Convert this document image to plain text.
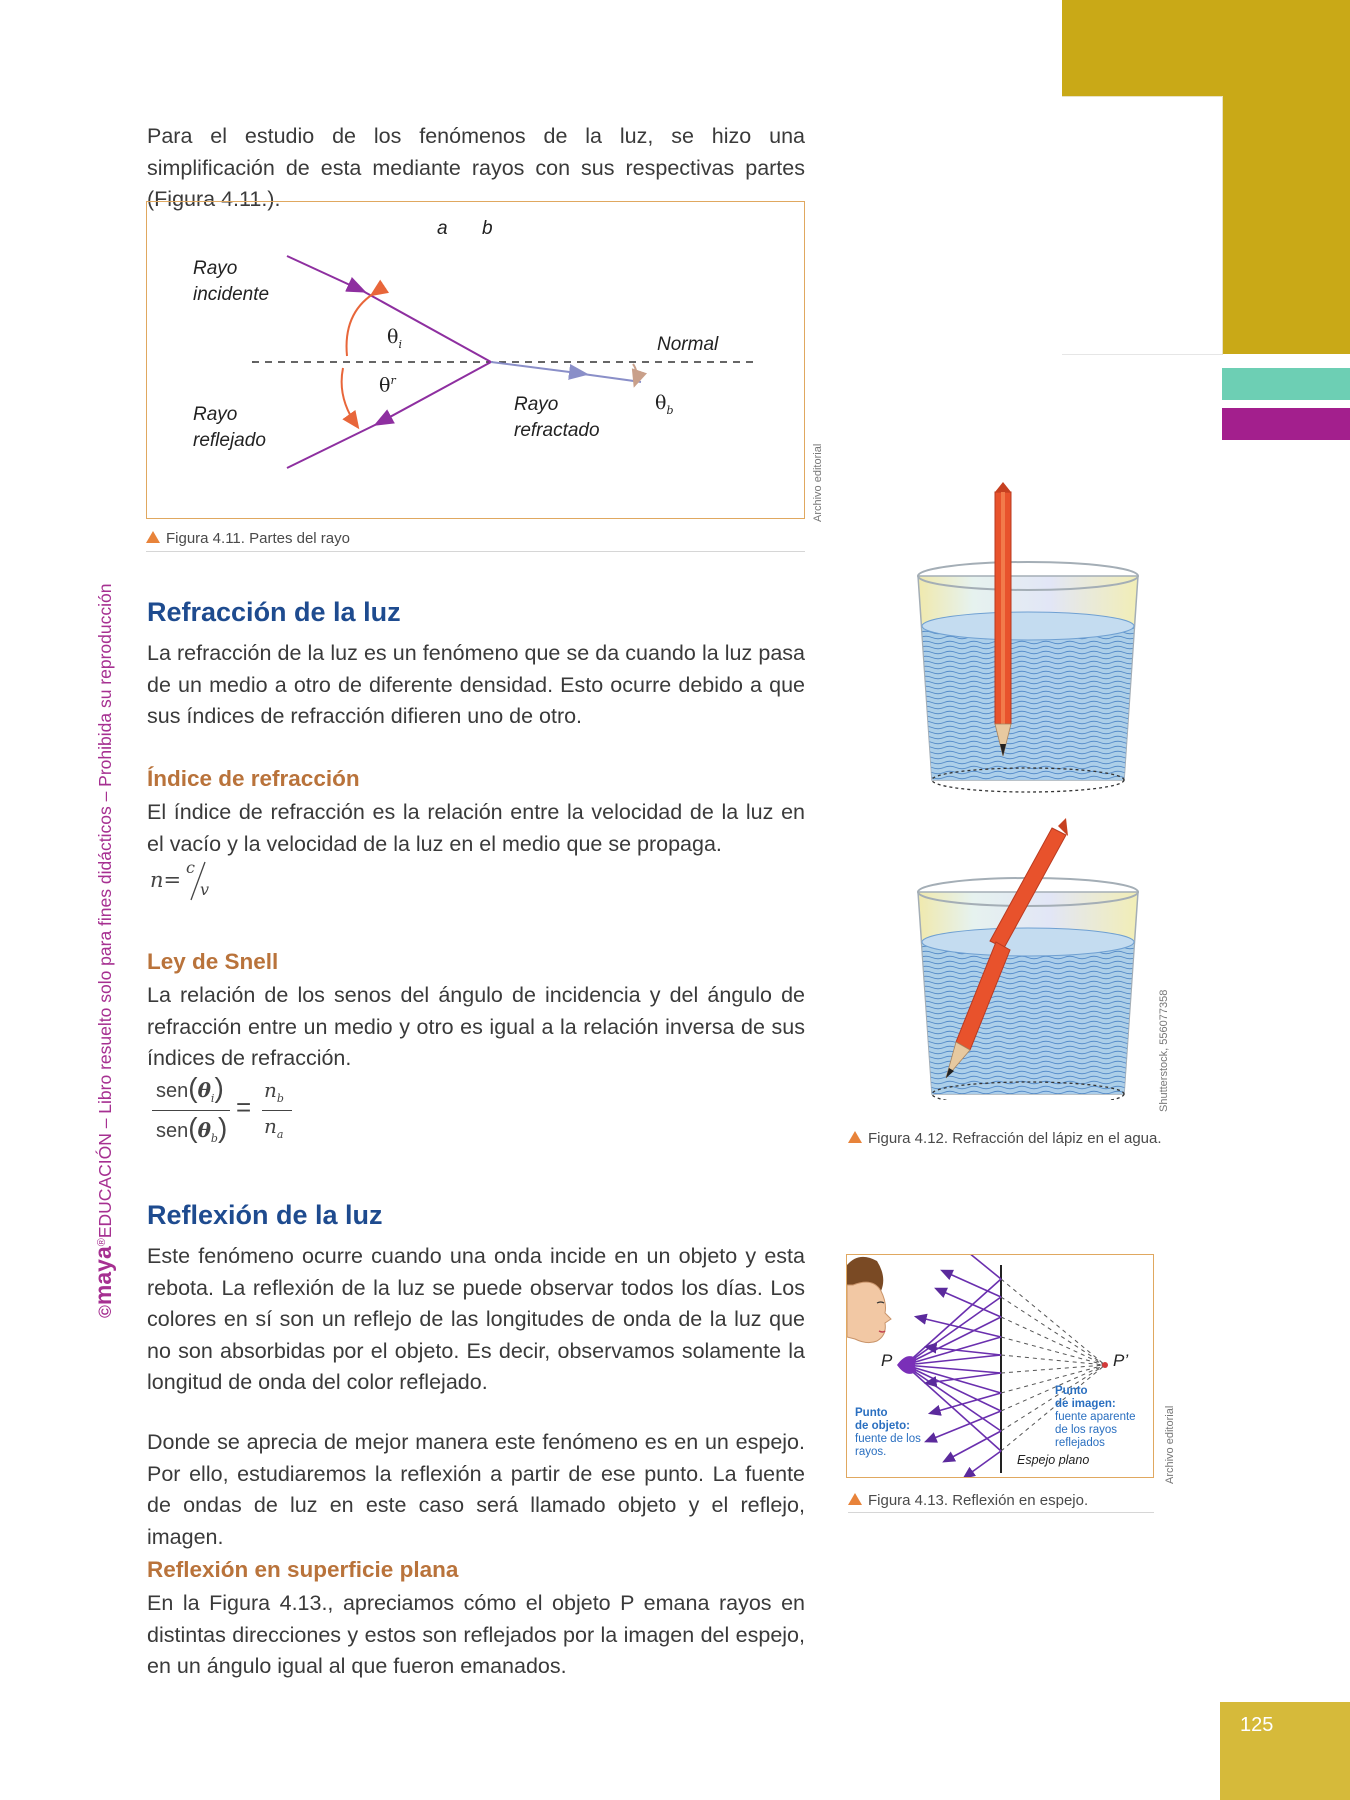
©maya®EDUCACIÓN – Libro resuelto solo para fines didácticos – Prohibida su reproducción
Para el estudio de los fenómenos de la luz, se hizo una simplificación de esta mediante rayos con sus respectivas partes (Figura 4.11.).
a b
Rayo
incidente
Rayo
reflejado
Rayo
refractado
Normal
$\theta_i$
$\theta^r$
$\theta_b$
Archivo editorial
Figura 4.11. Partes del rayo
Refracción de la luz
La refracción de la luz es un fenómeno que se da cuando la luz pasa de un medio a otro de diferente densidad. Esto ocurre debido a que sus índices de refracción difieren uno de otro.
Índice de refracción
El índice de refracción es la relación entre la velocidad de la luz en el vacío y la velocidad de la luz en el medio que se propaga.
n=
c
v
Ley de Snell
La relación de los senos del ángulo de incidencia y del ángulo de refracción entre un medio y otro es igual a la relación inversa de sus índices de refracción.
$sen(\theta_i)$
$sen(\theta_b)$
=
$n_b$
$n_a$
Shutterstock, 556077358
Figura 4.12. Refracción del lápiz en el agua.
Reflexión de la luz
Este fenómeno ocurre cuando una onda incide en un objeto y esta rebota. La reflexión de la luz se puede observar todos los días. Los colores en sí son un reflejo de las longitudes de onda de la luz que no son absorbidas por el objeto. Es decir, observamos solamente la longitud de onda del color reflejado.
Donde se aprecia de mejor manera este fenómeno es en un espejo. Por ello, estudiaremos la reflexión a partir de ese punto. La fuente de ondas de luz en este caso será llamado objeto y el reflejo, imagen.
Reflexión en superficie plana
En la Figura 4.13., apreciamos cómo el objeto P emana rayos en distintas direcciones y estos son reflejados por la imagen del espejo, en un ángulo igual al que fueron emanados.
P	P’
Punto
de objeto:
fuente de los
rayos.
Punto
de imagen:
fuente aparente
de los rayos
reflejados
Espejo plano	Archivo editorial
Figura 4.13. Reflexión en espejo.
125
